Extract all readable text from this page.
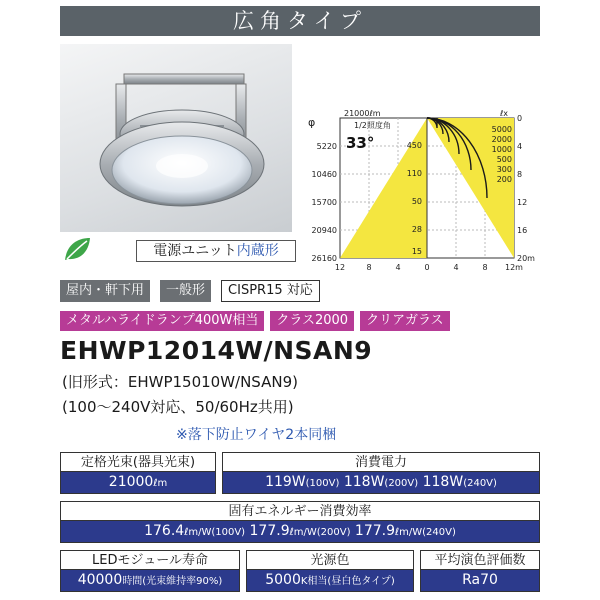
広角タイプ
電源ユニット内蔵形
φ
21000ℓm	ℓx
1/2照度角
33°	450
110
50
28
15
5000
2000
1000
500
300
200
5220
10460
15700
20940
26160
0
4
8
12
16
20m
12	8	4	0	4	8 12m
屋内・軒下用	一般形	CISPR15 対応
メタルハライドランプ400W相当	クラス2000	クリアガラス
EHWP12014W/NSAN9
(旧形式：EHWP15010W/NSAN9)
(100〜240V対応、50/60Hz共用)
※落下防止ワイヤ2本同梱
定格光束(器具光束)
21000ℓm
消費電力
119W(100V) 118W(200V) 118W(240V)
固有エネルギー消費効率
176.4ℓm/W(100V) 177.9ℓm/W(200V) 177.9ℓm/W(240V)
LEDモジュール寿命
40000時間(光束維持率90%)
光源色
5000K相当(昼白色タイプ)
平均演色評価数
Ra70
